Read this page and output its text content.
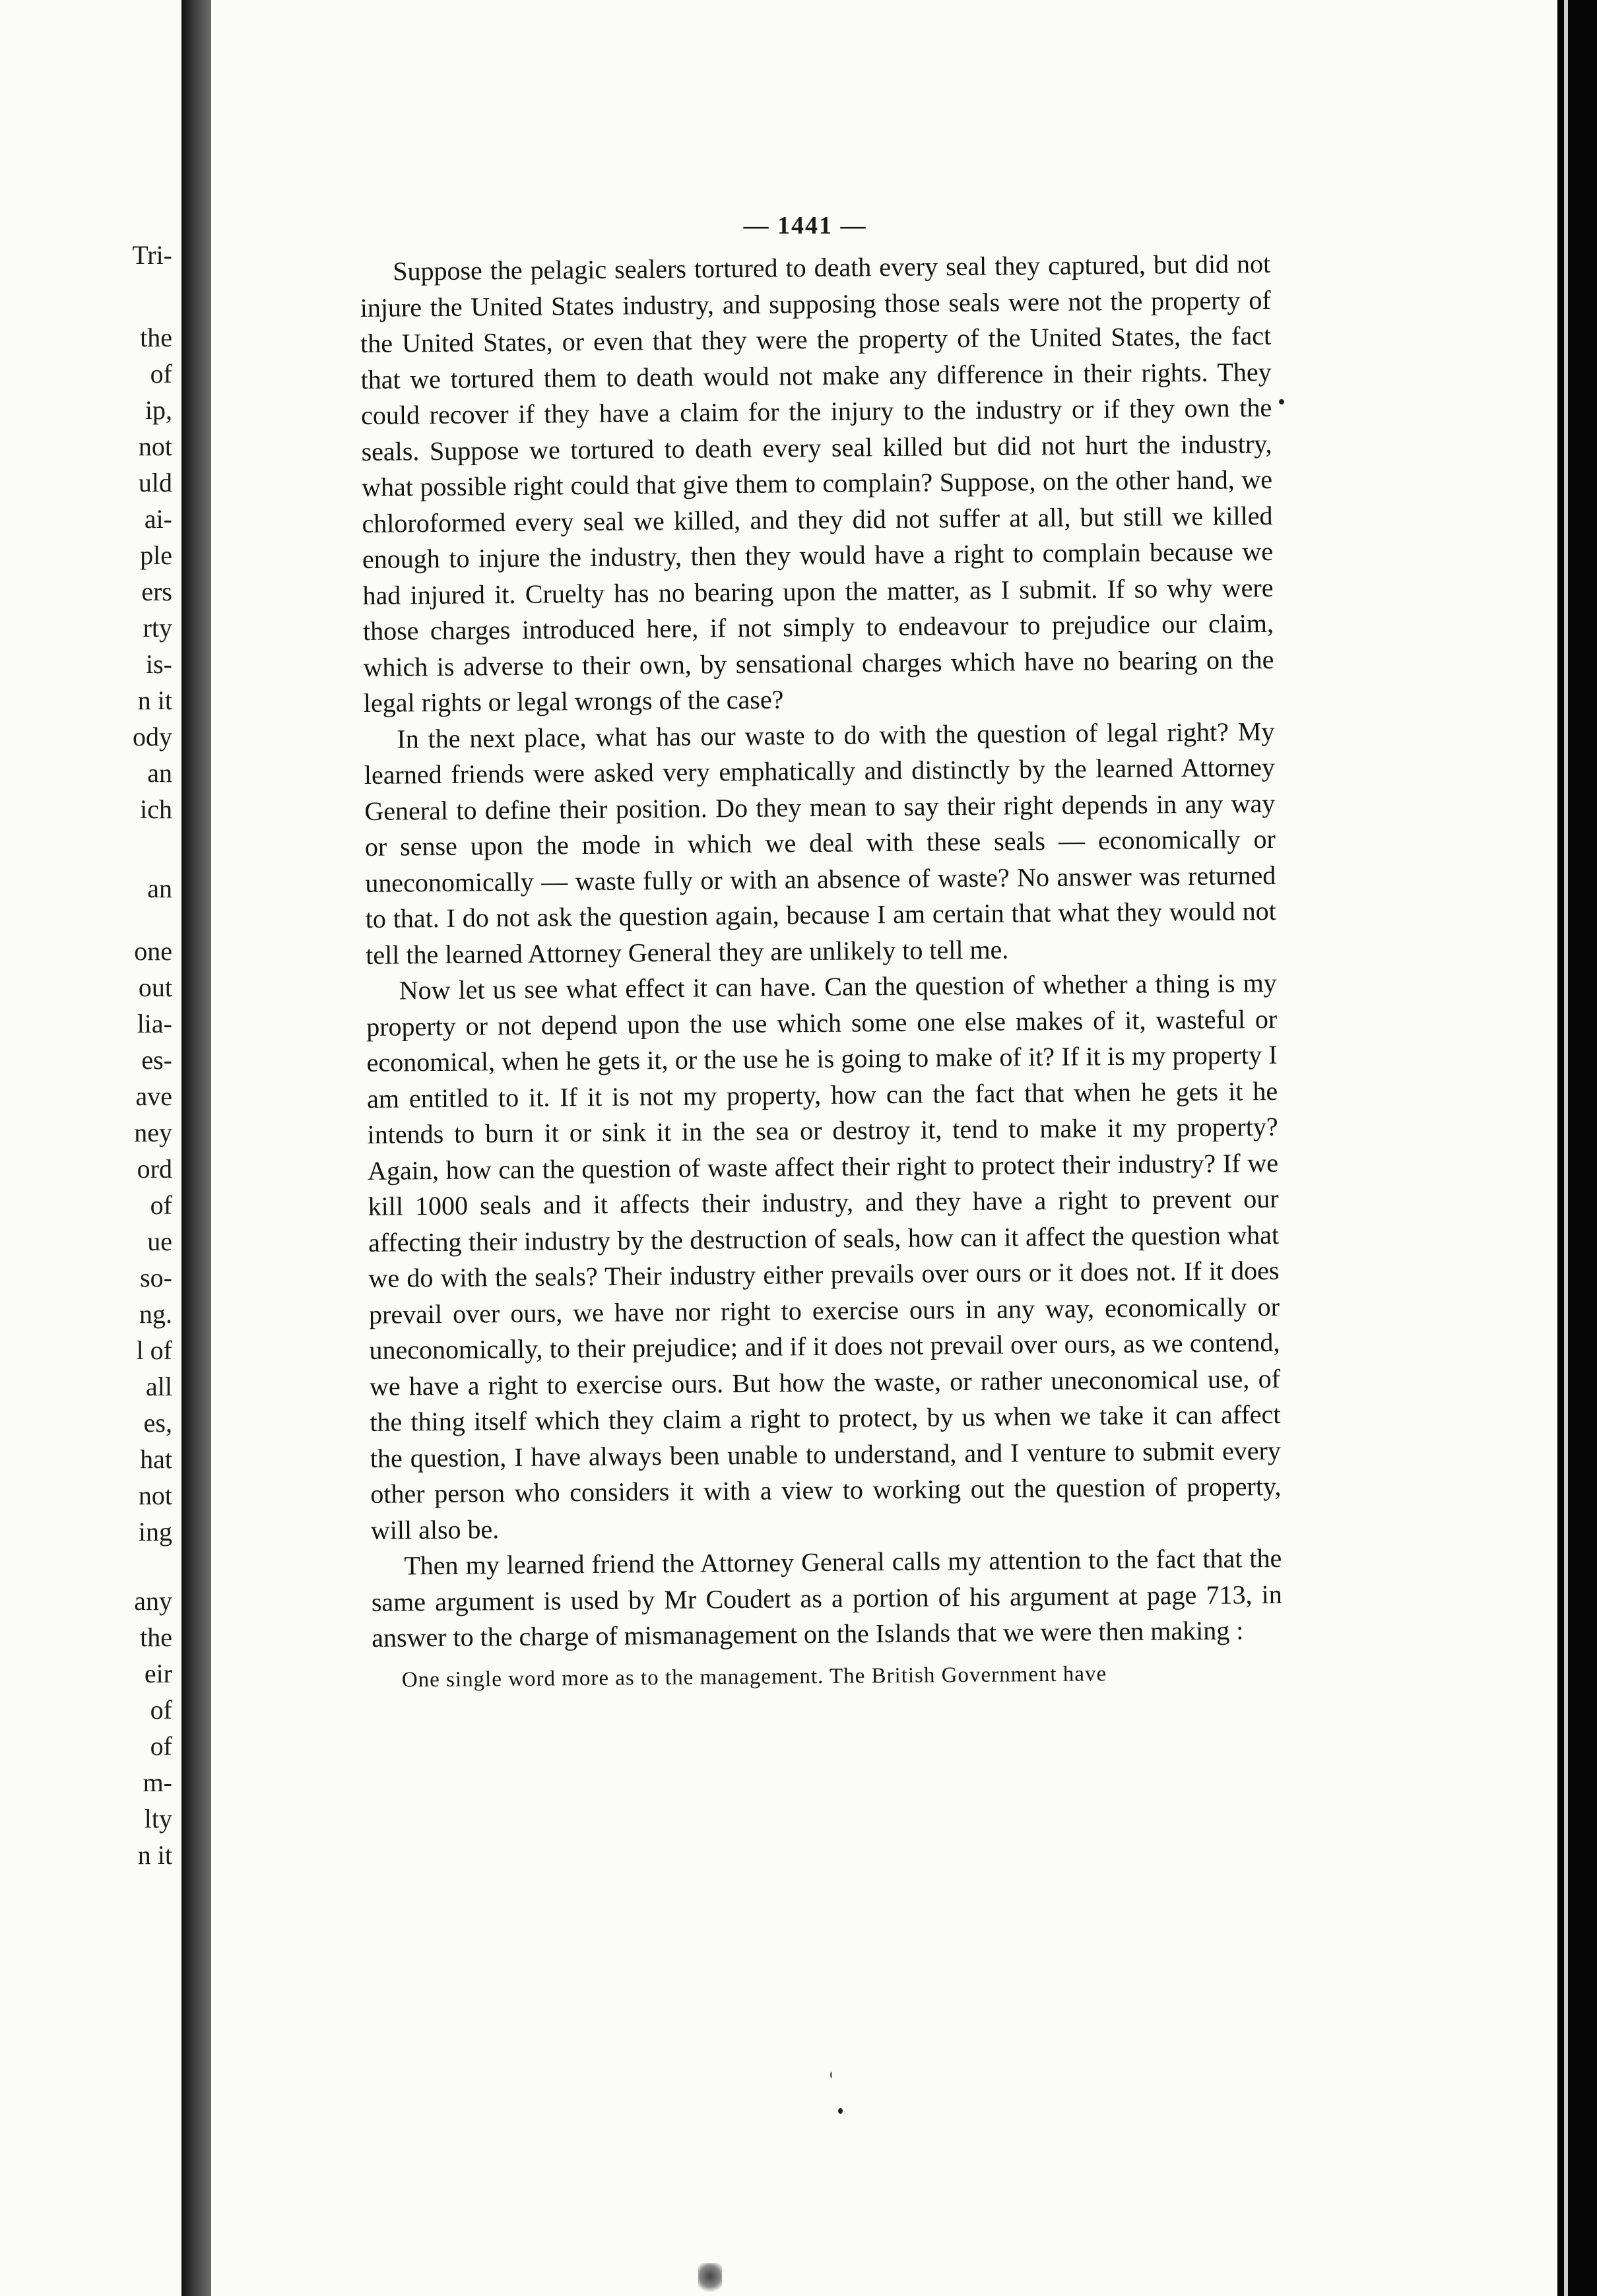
Tri-
the
of
ip,
not
uld
ai-
ple
ers
rty
is-
n it
ody
an
ich
an
one
out
lia-
es-
ave
ney
ord
of
ue
so-
ng.
l of
all
es,
hat
not
ing
any
the
eir
of
of
m-
lty
n it
— 1441 —

Suppose the pelagic sealers tortured to death every seal they captured, but did not injure the United States industry, and supposing those seals were not the property of the United States, or even that they were the property of the United States, the fact that we tortured them to death would not make any difference in their rights. They could recover if they have a claim for the injury to the industry or if they own the seals. Suppose we tortured to death every seal killed but did not hurt the industry, what possible right could that give them to complain? Suppose, on the other hand, we chloroformed every seal we killed, and they did not suffer at all, but still we killed enough to injure the industry, then they would have a right to complain because we had injured it. Cruelty has no bearing upon the matter, as I submit. If so why were those charges introduced here, if not simply to endeavour to prejudice our claim, which is adverse to their own, by sensational charges which have no bearing on the legal rights or legal wrongs of the case?

In the next place, what has our waste to do with the question of legal right? My learned friends were asked very emphatically and distinctly by the learned Attorney General to define their position. Do they mean to say their right depends in any way or sense upon the mode in which we deal with these seals — economically or uneconomically — waste fully or with an absence of waste? No answer was returned to that. I do not ask the question again, because I am certain that what they would not tell the learned Attorney General they are unlikely to tell me.

Now let us see what effect it can have. Can the question of whether a thing is my property or not depend upon the use which some one else makes of it, wasteful or economical, when he gets it, or the use he is going to make of it? If it is my property I am entitled to it. If it is not my property, how can the fact that when he gets it he intends to burn it or sink it in the sea or destroy it, tend to make it my property? Again, how can the question of waste affect their right to protect their industry? If we kill 1000 seals and it affects their industry, and they have a right to prevent our affecting their industry by the destruction of seals, how can it affect the question what we do with the seals? Their industry either prevails over ours or it does not. If it does prevail over ours, we have nor right to exercise ours in any way, economically or uneconomically, to their prejudice; and if it does not prevail over ours, as we contend, we have a right to exercise ours. But how the waste, or rather uneconomical use, of the thing itself which they claim a right to protect, by us when we take it can affect the question, I have always been unable to understand, and I venture to submit every other person who considers it with a view to working out the question of property, will also be.

Then my learned friend the Attorney General calls my attention to the fact that the same argument is used by Mr Coudert as a portion of his argument at page 713, in answer to the charge of mismanagement on the Islands that we were then making :

One single word more as to the management. The British Government have
